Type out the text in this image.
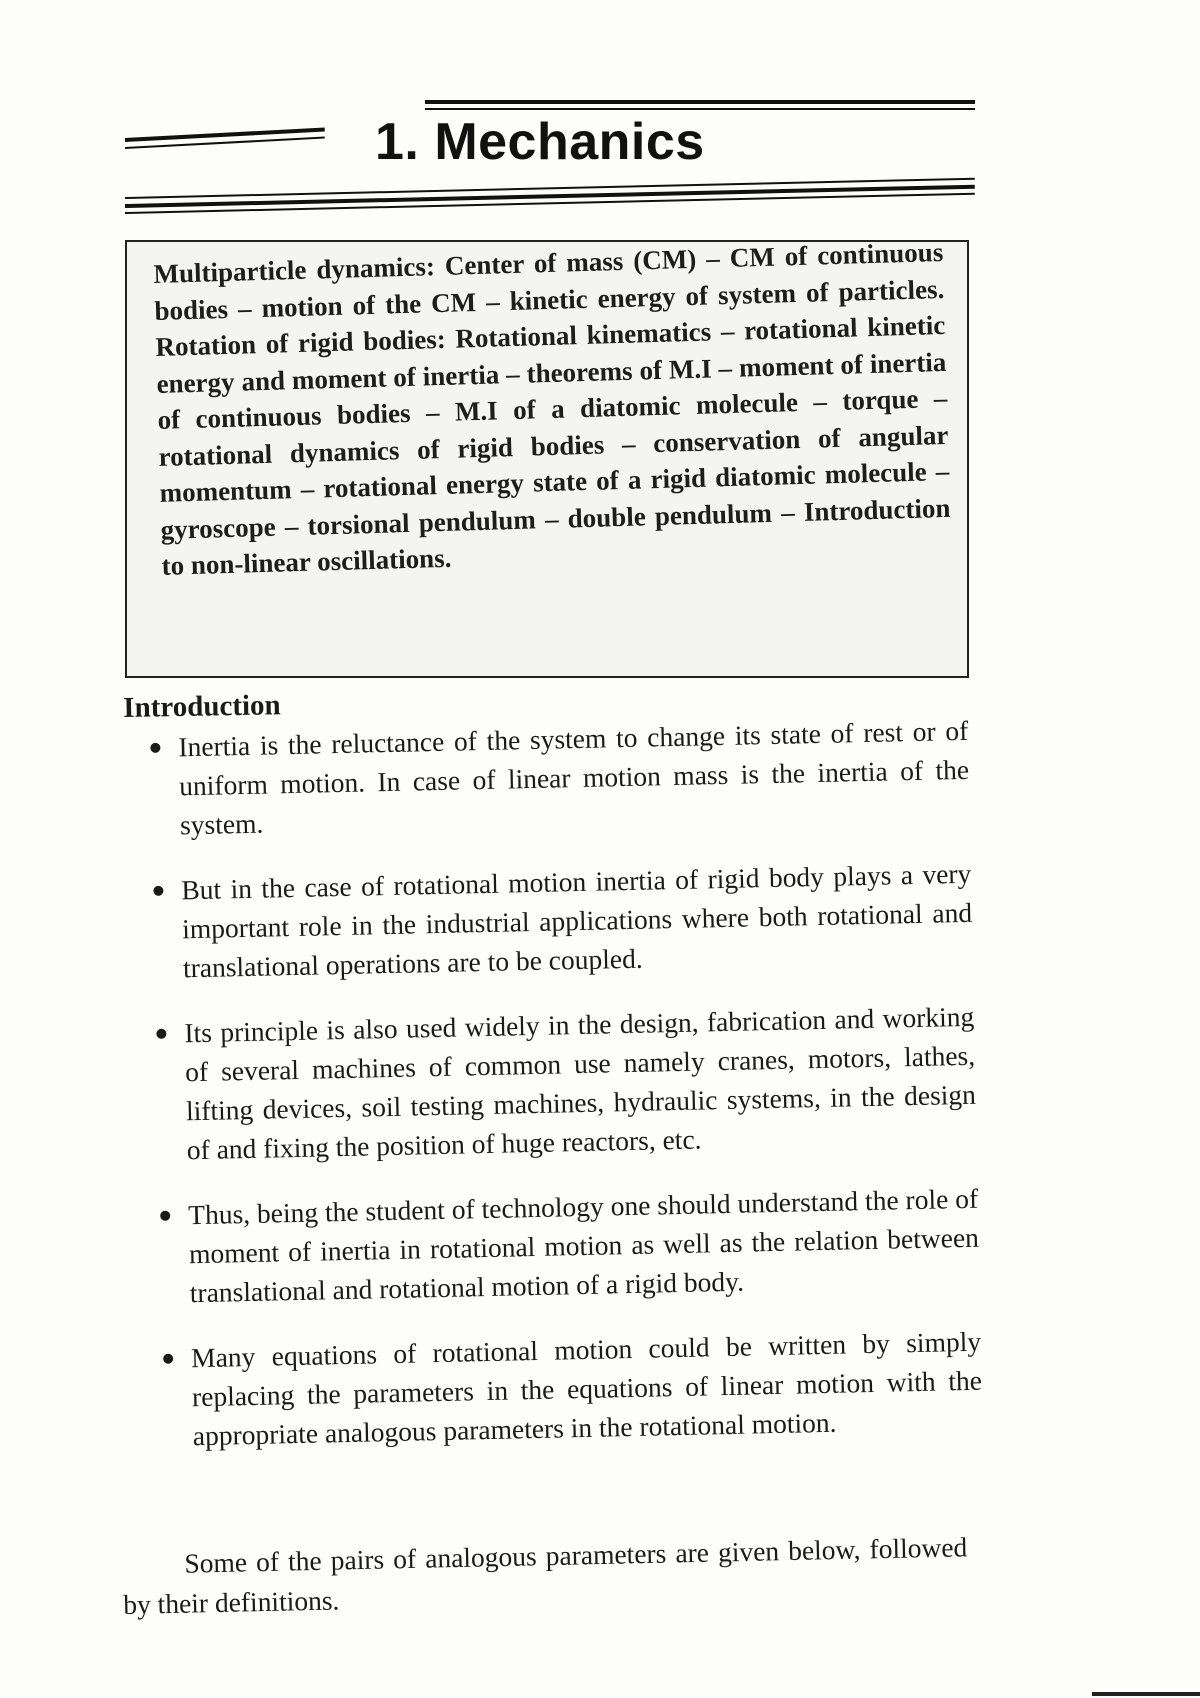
1. Mechanics
Multiparticle dynamics: Center of mass (CM) – CM of continuous bodies – motion of the CM – kinetic energy of system of particles. Rotation of rigid bodies: Rotational kinematics – rotational kinetic energy and moment of inertia – theorems of M.I – moment of inertia of continuous bodies – M.I of a diatomic molecule – torque – rotational dynamics of rigid bodies – conservation of angular momentum – rotational energy state of a rigid diatomic molecule – gyroscope – torsional pendulum – double pendulum – Introduction to non-linear oscillations.
Introduction
Inertia is the reluctance of the system to change its state of rest or of uniform motion. In case of linear motion mass is the inertia of the system.
But in the case of rotational motion inertia of rigid body plays a very important role in the industrial applications where both rotational and translational operations are to be coupled.
Its principle is also used widely in the design, fabrication and working of several machines of common use namely cranes, motors, lathes, lifting devices, soil testing machines, hydraulic systems, in the design of and fixing the position of huge reactors, etc.
Thus, being the student of technology one should understand the role of moment of inertia in rotational motion as well as the relation between translational and rotational motion of a rigid body.
Many equations of rotational motion could be written by simply replacing the parameters in the equations of linear motion with the appropriate analogous parameters in the rotational motion.

Some of the pairs of analogous parameters are given below, followed by their definitions.
